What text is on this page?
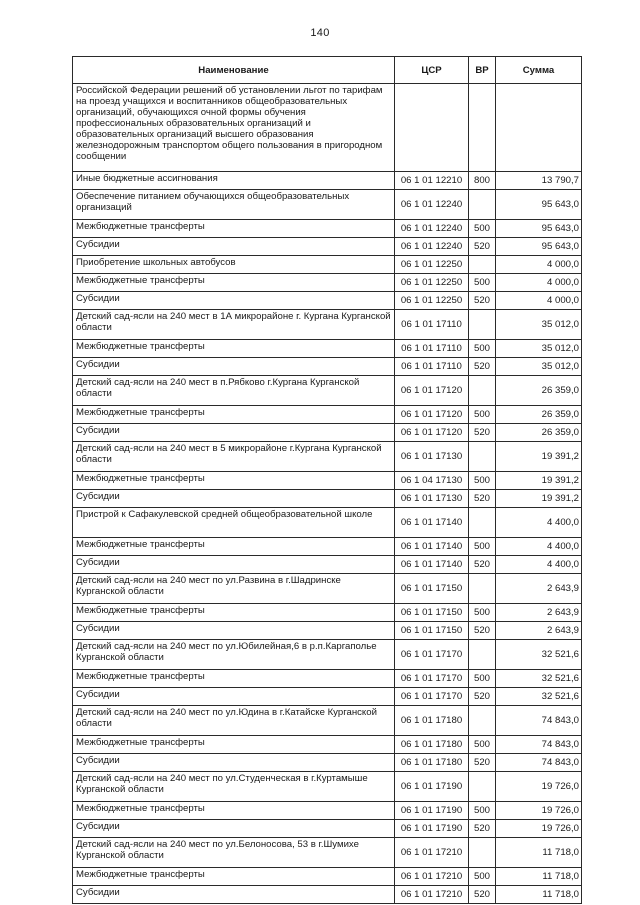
140
Наименование	ЦСР	ВР	Сумма
Российской Федерации решений об установлении льгот по тарифам на проезд учащихся и воспитанников общеобразовательных организаций, обучающихся очной формы обучения профессиональных образовательных организаций и образовательных организаций высшего образования железнодорожным транспортом общего пользования в пригородном сообщении			
Иные бюджетные ассигнования	06 1 01 12210	800	13 790,7
Обеспечение питанием обучающихся общеобразовательных организаций	06 1 01 12240		95 643,0
Межбюджетные трансферты	06 1 01 12240	500	95 643,0
Субсидии	06 1 01 12240	520	95 643,0
Приобретение школьных автобусов	06 1 01 12250		4 000,0
Межбюджетные трансферты	06 1 01 12250	500	4 000,0
Субсидии	06 1 01 12250	520	4 000,0
Детский сад-ясли на 240 мест в 1А микрорайоне г. Кургана Курганской области	06 1 01 17110		35 012,0
Межбюджетные трансферты	06 1 01 17110	500	35 012,0
Субсидии	06 1 01 17110	520	35 012,0
Детский сад-ясли на 240 мест в п.Рябково г.Кургана Курганской области	06 1 01 17120		26 359,0
Межбюджетные трансферты	06 1 01 17120	500	26 359,0
Субсидии	06 1 01 17120	520	26 359,0
Детский сад-ясли на 240 мест в 5 микрорайоне г.Кургана Курганской области	06 1 01 17130		19 391,2
Межбюджетные трансферты	06 1 04 17130	500	19 391,2
Субсидии	06 1 01 17130	520	19 391,2
Пристрой к Сафакулевской средней общеобразовательной школе	06 1 01 17140		4 400,0
Межбюджетные трансферты	06 1 01 17140	500	4 400,0
Субсидии	06 1 01 17140	520	4 400,0
Детский сад-ясли на 240 мест по ул.Развина в г.Шадринске Курганской области	06 1 01 17150		2 643,9
Межбюджетные трансферты	06 1 01 17150	500	2 643,9
Субсидии	06 1 01 17150	520	2 643,9
Детский сад-ясли на 240 мест по ул.Юбилейная,6 в р.п.Каргаполье Курганской области	06 1 01 17170		32 521,6
Межбюджетные трансферты	06 1 01 17170	500	32 521,6
Субсидии	06 1 01 17170	520	32 521,6
Детский сад-ясли на 240 мест по ул.Юдина в г.Катайске Курганской области	06 1 01 17180		74 843,0
Межбюджетные трансферты	06 1 01 17180	500	74 843,0
Субсидии	06 1 01 17180	520	74 843,0
Детский сад-ясли на 240 мест по ул.Студенческая в г.Куртамыше Курганской области	06 1 01 17190		19 726,0
Межбюджетные трансферты	06 1 01 17190	500	19 726,0
Субсидии	06 1 01 17190	520	19 726,0
Детский сад-ясли на 240 мест по ул.Белоносова, 53 в г.Шумихе Курганской области	06 1 01 17210		11 718,0
Межбюджетные трансферты	06 1 01 17210	500	11 718,0
Субсидии	06 1 01 17210	520	11 718,0
